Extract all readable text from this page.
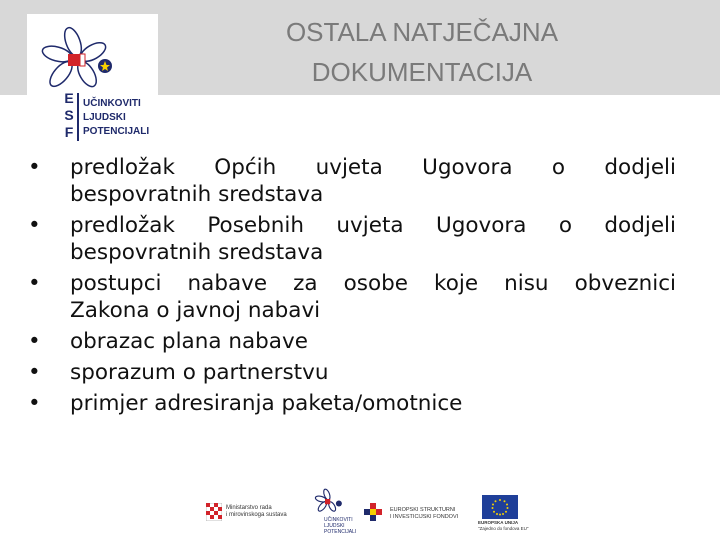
E
S
F
UČINKOVITI
LJUDSKI
POTENCIJALI
OSTALA NATJEČAJNA
DOKUMENTACIJA
•	predložak Općih uvjeta Ugovora o dodjeli
bespovratnih sredstava
•	predložak Posebnih uvjeta Ugovora o dodjeli
bespovratnih sredstava
•	postupci nabave za osobe koje nisu obveznici
Zakona o javnoj nabavi
•	obrazac plana nabave
•	sporazum o partnerstvu
•	primjer adresiranja paketa/omotnice
Ministarstvo rada
i mirovinskoga sustava
UČINKOVITI
LJUDSKI
POTENCIJALI
EUROPSKI STRUKTURNI
I INVESTICIJSKI FONDOVI
EUROPSKA UNIJA
"Zajedno do fondova EU"
